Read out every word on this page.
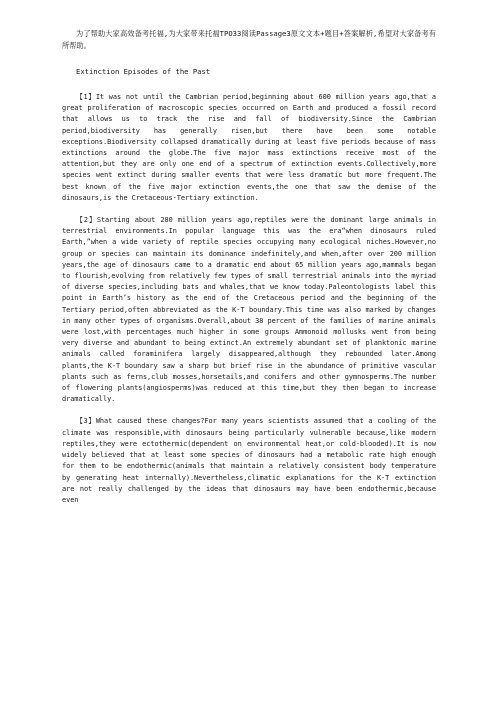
为了帮助大家高效备考托福,为大家带来托福TPO33阅读Passage3原文文本+题目+答案解析,希望对大家备考有所帮助。

Extinction Episodes of the Past

【1】It was not until the Cambrian period,beginning about 600 million years ago,that a great proliferation of macroscopic species occurred on Earth and produced a fossil record that allows us to track the rise and fall of biodiversity.Since the Cambrian period,biodiversity has generally risen,but there have been some notable exceptions.Biodiversity collapsed dramatically during at least five periods because of mass extinctions around the globe.The five major mass extinctions receive most of the attention,but they are only one end of a spectrum of extinction events.Collectively,more species went extinct during smaller events that were less dramatic but more frequent.The best known of the five major extinction events,the one that saw the demise of the dinosaurs,is the Cretaceous-Tertiary extinction.

【2】Starting about 280 million years ago,reptiles were the dominant large animals in terrestrial environments.In popular language this was the era“when dinosaurs ruled Earth,”when a wide variety of reptile species occupying many ecological niches.However,no group or species can maintain its dominance indefinitely,and when,after over 200 million years,the age of dinosaurs came to a dramatic end about 65 million years ago,mammals began to flourish,evolving from relatively few types of small terrestrial animals into the myriad of diverse species,including bats and whales,that we know today.Paleontologists label this point in Earth’s history as the end of the Cretaceous period and the beginning of the Tertiary period,often abbreviated as the K-T boundary.This time was also marked by changes in many other types of organisms.Overall,about 38 percent of the families of marine animals were lost,with percentages much higher in some groups Ammonoid mollusks went from being very diverse and abundant to being extinct.An extremely abundant set of planktonic marine animals called foraminifera largely disappeared,although they rebounded later.Among plants,the K-T boundary saw a sharp but brief rise in the abundance of primitive vascular plants such as ferns,club mosses,horsetails,and conifers and other gymnosperms.The number of flowering plants(angiosperms)was reduced at this time,but they then began to increase dramatically.

【3】What caused these changes?For many years scientists assumed that a cooling of the climate was responsible,with dinosaurs being particularly vulnerable because,like modern reptiles,they were ectothermic(dependent on environmental heat,or cold-blooded).It is now widely believed that at least some species of dinosaurs had a metabolic rate high enough for them to be endothermic(animals that maintain a relatively consistent body temperature by generating heat internally).Nevertheless,climatic explanations for the K-T extinction are not really challenged by the ideas that dinosaurs may have been endothermic,because even
